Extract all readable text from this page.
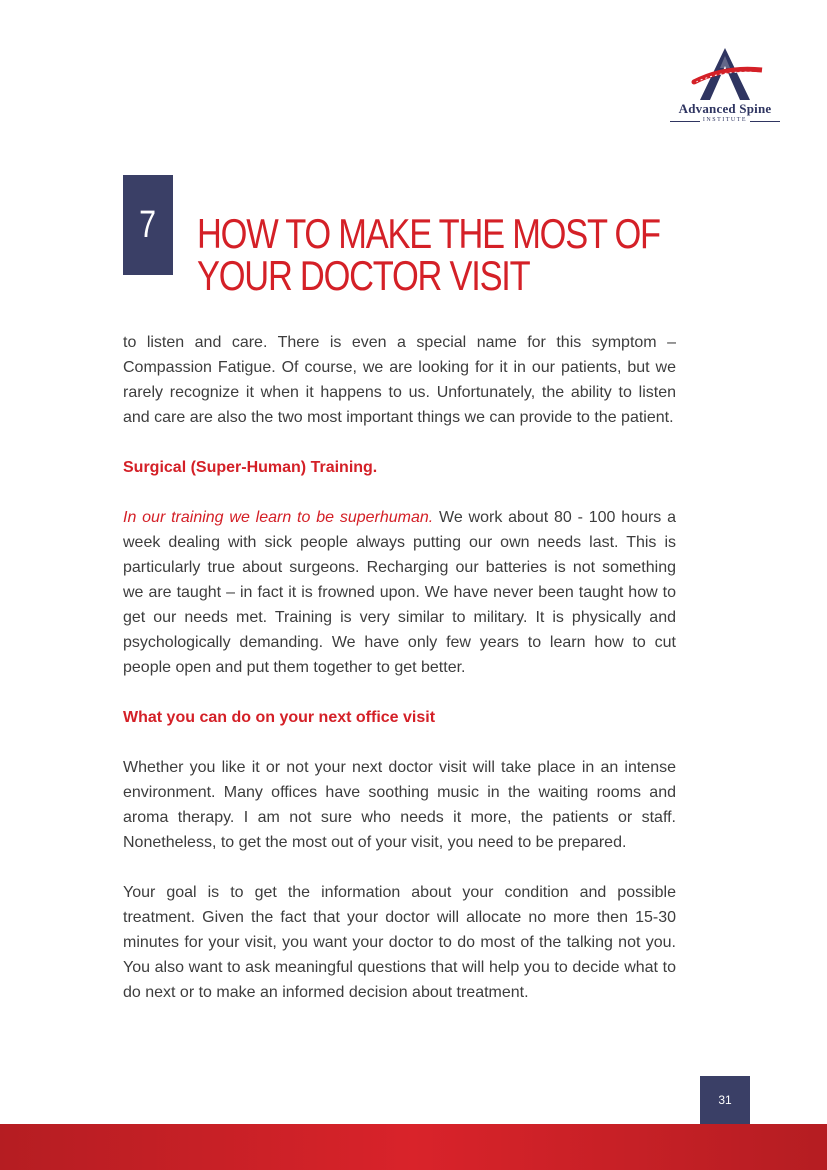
Advanced Spine
INSTITUTE
7 HOW TO MAKE THE MOST OF
YOUR DOCTOR VISIT

to listen and care. There is even a special name for this symptom – Compassion Fatigue. Of course, we are looking for it in our patients, but we rarely recognize it when it happens to us. Unfortunately, the ability to listen and care are also the two most important things we can provide to the patient.

Surgical (Super-Human) Training.

In our training we learn to be superhuman. We work about 80 - 100 hours a week dealing with sick people always putting our own needs last. This is particularly true about surgeons. Recharging our batteries is not something we are taught – in fact it is frowned upon. We have never been taught how to get our needs met. Training is very similar to military. It is physically and psychologically demanding. We have only few years to learn how to cut people open and put them together to get better.

What you can do on your next office visit

Whether you like it or not your next doctor visit will take place in an intense environment. Many offices have soothing music in the waiting rooms and aroma therapy. I am not sure who needs it more, the patients or staff. Nonetheless, to get the most out of your visit, you need to be prepared.

Your goal is to get the information about your condition and possible treatment. Given the fact that your doctor will allocate no more then 15-30 minutes for your visit, you want your doctor to do most of the talking not you. You also want to ask meaningful questions that will help you to decide what to do next or to make an informed decision about treatment.

31
